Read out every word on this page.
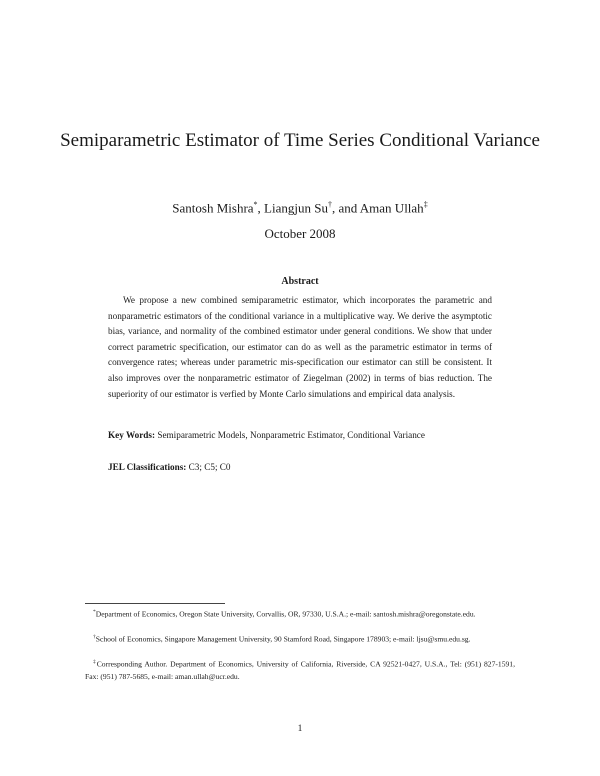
Semiparametric Estimator of Time Series Conditional Variance
Santosh Mishra*, Liangjun Su†, and Aman Ullah‡
October 2008
Abstract

We propose a new combined semiparametric estimator, which incorporates the parametric and nonparametric estimators of the conditional variance in a multiplicative way. We derive the asymptotic bias, variance, and normality of the combined estimator under general conditions. We show that under correct parametric specification, our estimator can do as well as the parametric estimator in terms of convergence rates; whereas under parametric mis-specification our estimator can still be consistent. It also improves over the nonparametric estimator of Ziegelman (2002) in terms of bias reduction. The superiority of our estimator is verfied by Monte Carlo simulations and empirical data analysis.

Key Words: Semiparametric Models, Nonparametric Estimator, Conditional Variance
JEL Classifications: C3; C5; C0

*Department of Economics, Oregon State University, Corvallis, OR, 97330, U.S.A.; e-mail: santosh.mishra@oregonstate.edu.

†School of Economics, Singapore Management University, 90 Stamford Road, Singapore 178903; e-mail: ljsu@smu.edu.sg.

‡Corresponding Author. Department of Economics, University of California, Riverside, CA 92521-0427, U.S.A., Tel: (951) 827-1591, Fax: (951) 787-5685, e-mail: aman.ullah@ucr.edu.

1
